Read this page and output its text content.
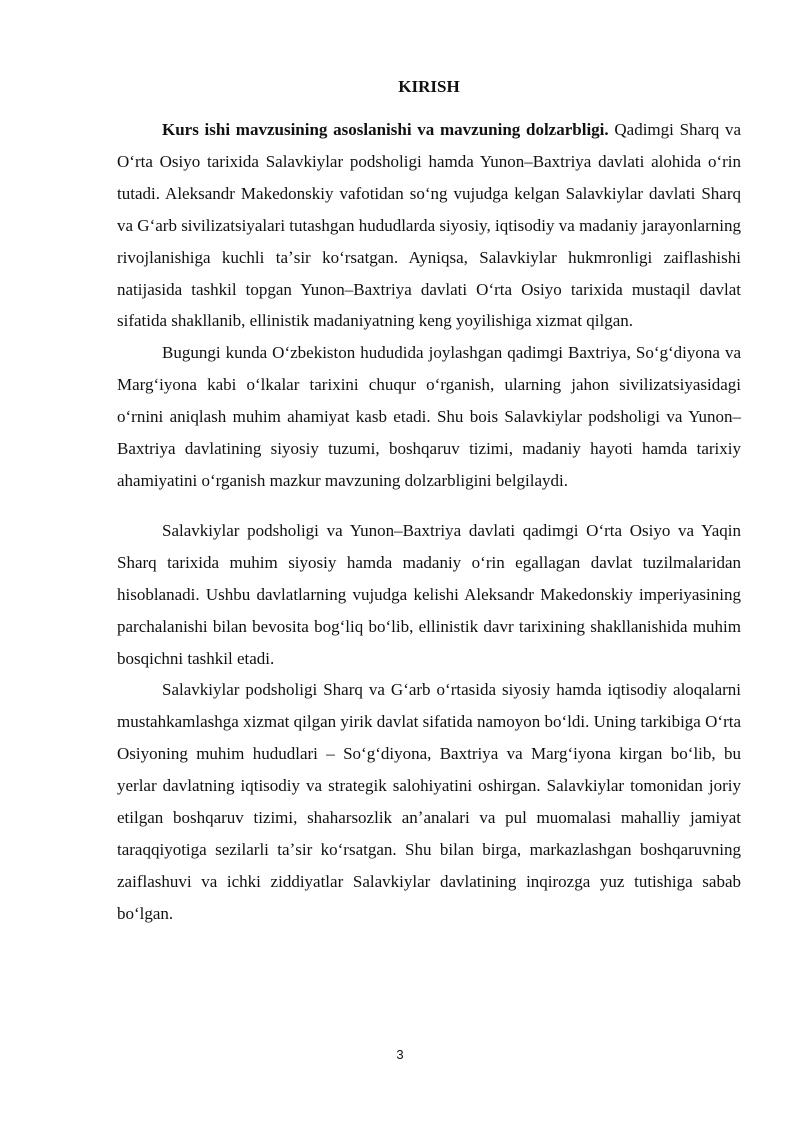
KIRISH

Kurs ishi mavzusining asoslanishi va mavzuning dolzarbligi. Qadimgi Sharq va Oʻrta Osiyo tarixida Salavkiylar podsholigi hamda Yunon–Baxtriya davlati alohida oʻrin tutadi. Aleksandr Makedonskiy vafotidan soʻng vujudga kelgan Salavkiylar davlati Sharq va Gʻarb sivilizatsiyalari tutashgan hududlarda siyosiy, iqtisodiy va madaniy jarayonlarning rivojlanishiga kuchli taʼsir koʻrsatgan. Ayniqsa, Salavkiylar hukmronligi zaiflashishi natijasida tashkil topgan Yunon–Baxtriya davlati Oʻrta Osiyo tarixida mustaqil davlat sifatida shakllanib, ellinistik madaniyatning keng yoyilishiga xizmat qilgan.

Bugungi kunda Oʻzbekiston hududida joylashgan qadimgi Baxtriya, Soʻgʻdiyona va Margʻiyona kabi oʻlkalar tarixini chuqur oʻrganish, ularning jahon sivilizatsiyasidagi oʻrnini aniqlash muhim ahamiyat kasb etadi. Shu bois Salavkiylar podsholigi va Yunon–Baxtriya davlatining siyosiy tuzumi, boshqaruv tizimi, madaniy hayoti hamda tarixiy ahamiyatini oʻrganish mazkur mavzuning dolzarbligini belgilaydi.

Salavkiylar podsholigi va Yunon–Baxtriya davlati qadimgi Oʻrta Osiyo va Yaqin Sharq tarixida muhim siyosiy hamda madaniy oʻrin egallagan davlat tuzilmalaridan hisoblanadi. Ushbu davlatlarning vujudga kelishi Aleksandr Makedonskiy imperiyasining parchalanishi bilan bevosita bogʻliq boʻlib, ellinistik davr tarixining shakllanishida muhim bosqichni tashkil etadi.

Salavkiylar podsholigi Sharq va Gʻarb oʻrtasida siyosiy hamda iqtisodiy aloqalarni mustahkamlashga xizmat qilgan yirik davlat sifatida namoyon boʻldi. Uning tarkibiga Oʻrta Osiyoning muhim hududlari – Soʻgʻdiyona, Baxtriya va Margʻiyona kirgan boʻlib, bu yerlar davlatning iqtisodiy va strategik salohiyatini oshirgan. Salavkiylar tomonidan joriy etilgan boshqaruv tizimi, shaharsozlik anʼanalari va pul muomalasi mahalliy jamiyat taraqqiyotiga sezilarli taʼsir koʻrsatgan. Shu bilan birga, markazlashgan boshqaruvning zaiflashuvi va ichki ziddiyatlar Salavkiylar davlatining inqirozga yuz tutishiga sabab boʻlgan.

3
